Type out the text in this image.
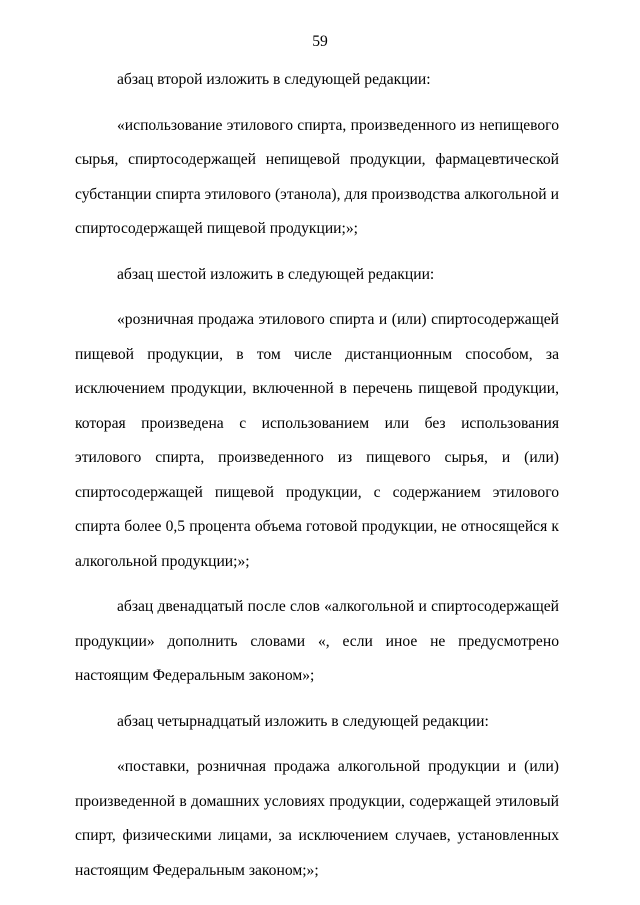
59

абзац второй изложить в следующей редакции:

«использование этилового спирта, произведенного из непищевого сырья, спиртосодержащей непищевой продукции, фармацевтической субстанции спирта этилового (этанола), для производства алкогольной и спиртосодержащей пищевой продукции;»;

абзац шестой изложить в следующей редакции:

«розничная продажа этилового спирта и (или) спиртосодержащей пищевой продукции, в том числе дистанционным способом, за исключением продукции, включенной в перечень пищевой продукции, которая произведена с использованием или без использования этилового спирта, произведенного из пищевого сырья, и (или) спиртосодержащей пищевой продукции, с содержанием этилового спирта более 0,5 процента объема готовой продукции, не относящейся к алкогольной продукции;»;

абзац двенадцатый после слов «алкогольной и спиртосодержащей продукции» дополнить словами «, если иное не предусмотрено настоящим Федеральным законом»;

абзац четырнадцатый изложить в следующей редакции:

«поставки, розничная продажа алкогольной продукции и (или) произведенной в домашних условиях продукции, содержащей этиловый спирт, физическими лицами, за исключением случаев, установленных настоящим Федеральным законом;»;
